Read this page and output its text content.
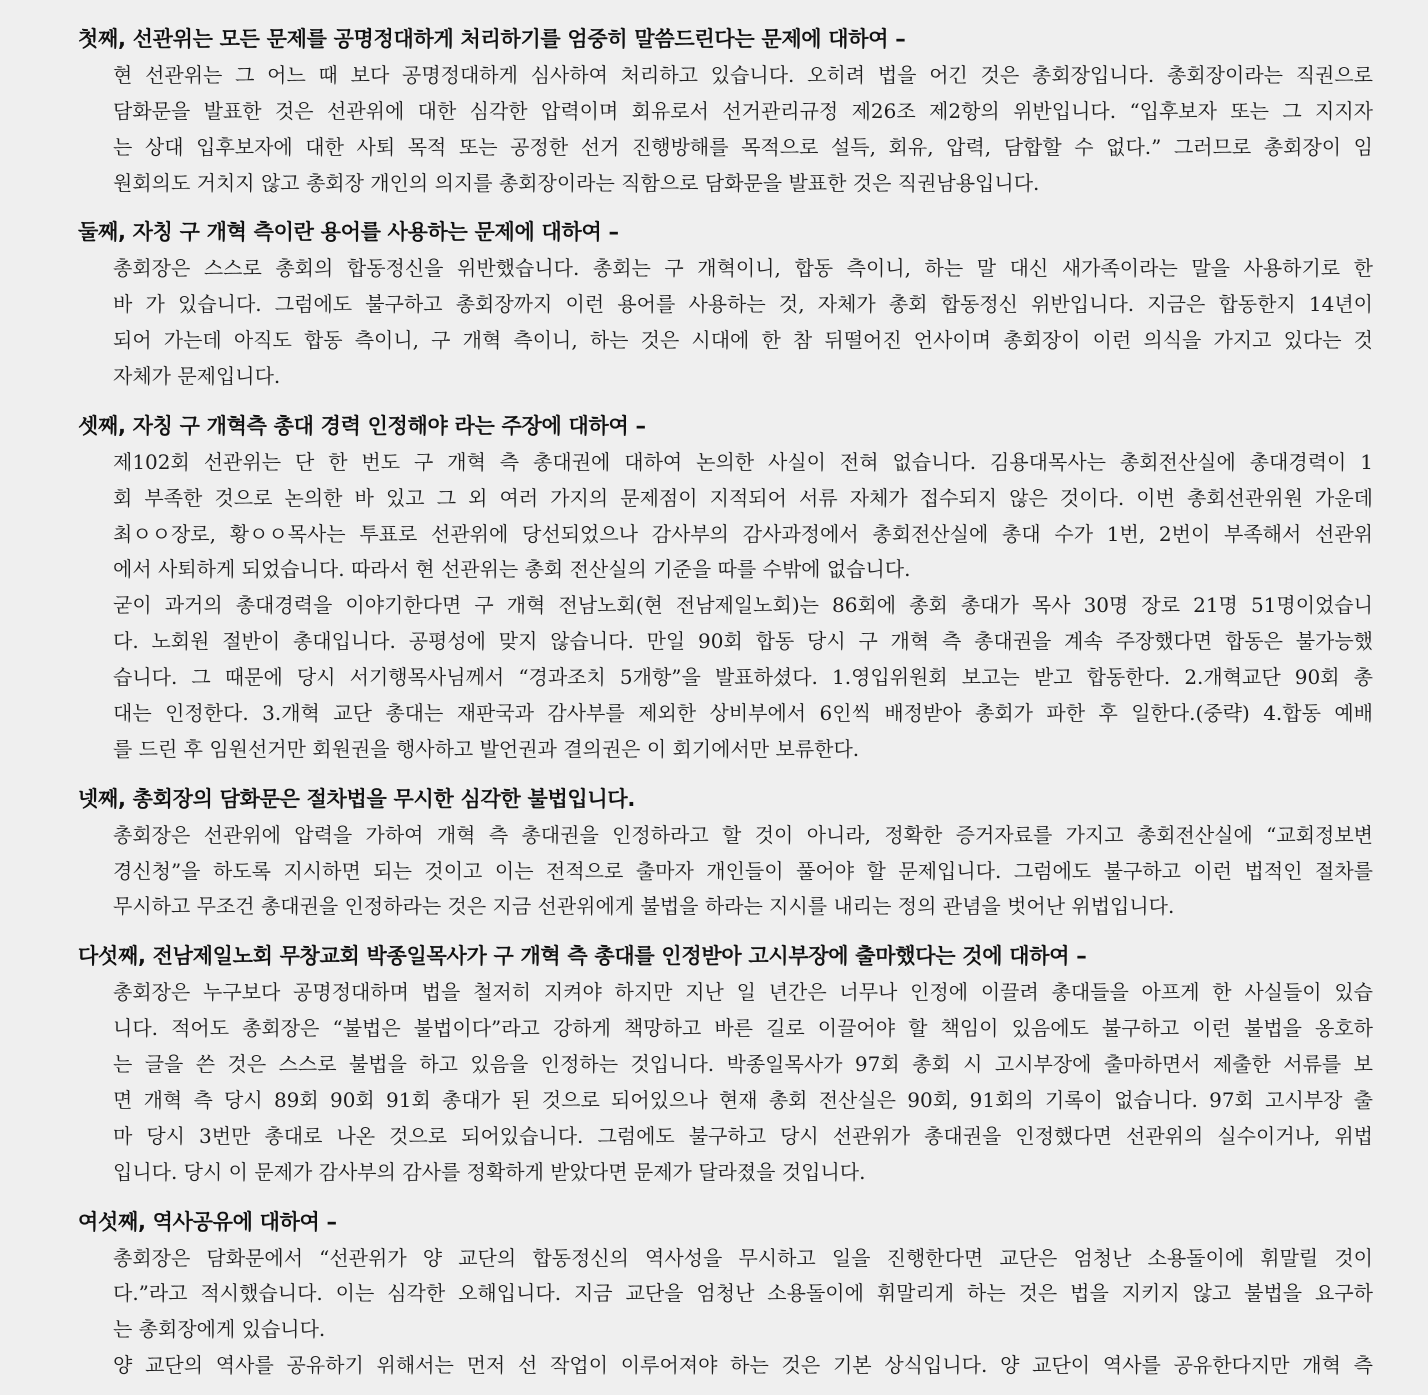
첫째, 선관위는 모든 문제를 공명정대하게 처리하기를 엄중히 말씀드린다는 문제에 대하여 –
현 선관위는 그 어느 때 보다 공명정대하게 심사하여 처리하고 있습니다. 오히려 법을 어긴 것은 총회장입니다. 총회장이라는 직권으로
담화문을 발표한 것은 선관위에 대한 심각한 압력이며 회유로서 선거관리규정 제26조 제2항의 위반입니다. “입후보자 또는 그 지지자
는 상대 입후보자에 대한 사퇴 목적 또는 공정한 선거 진행방해를 목적으로 설득, 회유, 압력, 담합할 수 없다.” 그러므로 총회장이 임
원회의도 거치지 않고 총회장 개인의 의지를 총회장이라는 직함으로 담화문을 발표한 것은 직권남용입니다.
둘째, 자칭 구 개혁 측이란 용어를 사용하는 문제에 대하여 –
총회장은 스스로 총회의 합동정신을 위반했습니다. 총회는 구 개혁이니, 합동 측이니, 하는 말 대신 새가족이라는 말을 사용하기로 한
바 가 있습니다. 그럼에도 불구하고 총회장까지 이런 용어를 사용하는 것, 자체가 총회 합동정신 위반입니다. 지금은 합동한지 14년이
되어 가는데 아직도 합동 측이니, 구 개혁 측이니, 하는 것은 시대에 한 참 뒤떨어진 언사이며 총회장이 이런 의식을 가지고 있다는 것
자체가 문제입니다.
셋째, 자칭 구 개혁측 총대 경력 인정해야 라는 주장에 대하여 –
제102회 선관위는 단 한 번도 구 개혁 측 총대권에 대하여 논의한 사실이 전혀 없습니다. 김용대목사는 총회전산실에 총대경력이 1
회 부족한 것으로 논의한 바 있고 그 외 여러 가지의 문제점이 지적되어 서류 자체가 접수되지 않은 것이다. 이번 총회선관위원 가운데
최ㅇㅇ장로, 황ㅇㅇ목사는 투표로 선관위에 당선되었으나 감사부의 감사과정에서 총회전산실에 총대 수가 1번, 2번이 부족해서 선관위
에서 사퇴하게 되었습니다. 따라서 현 선관위는 총회 전산실의 기준을 따를 수밖에 없습니다.
굳이 과거의 총대경력을 이야기한다면 구 개혁 전남노회(현 전남제일노회)는 86회에 총회 총대가 목사 30명 장로 21명 51명이었습니
다. 노회원 절반이 총대입니다. 공평성에 맞지 않습니다. 만일 90회 합동 당시 구 개혁 측 총대권을 계속 주장했다면 합동은 불가능했
습니다. 그 때문에 당시 서기행목사님께서 “경과조치 5개항”을 발표하셨다. 1.영입위원회 보고는 받고 합동한다. 2.개혁교단 90회 총
대는 인정한다. 3.개혁 교단 총대는 재판국과 감사부를 제외한 상비부에서 6인씩 배정받아 총회가 파한 후 일한다.(중략) 4.합동 예배
를 드린 후 임원선거만 회원권을 행사하고 발언권과 결의권은 이 회기에서만 보류한다.
넷째, 총회장의 담화문은 절차법을 무시한 심각한 불법입니다.
총회장은 선관위에 압력을 가하여 개혁 측 총대권을 인정하라고 할 것이 아니라, 정확한 증거자료를 가지고 총회전산실에 “교회정보변
경신청”을 하도록 지시하면 되는 것이고 이는 전적으로 출마자 개인들이 풀어야 할 문제입니다. 그럼에도 불구하고 이런 법적인 절차를
무시하고 무조건 총대권을 인정하라는 것은 지금 선관위에게 불법을 하라는 지시를 내리는 정의 관념을 벗어난 위법입니다.
다섯째, 전남제일노회 무창교회 박종일목사가 구 개혁 측 총대를 인정받아 고시부장에 출마했다는 것에 대하여 –
총회장은 누구보다 공명정대하며 법을 철저히 지켜야 하지만 지난 일 년간은 너무나 인정에 이끌려 총대들을 아프게 한 사실들이 있습
니다. 적어도 총회장은 “불법은 불법이다”라고 강하게 책망하고 바른 길로 이끌어야 할 책임이 있음에도 불구하고 이런 불법을 옹호하
는 글을 쓴 것은 스스로 불법을 하고 있음을 인정하는 것입니다. 박종일목사가 97회 총회 시 고시부장에 출마하면서 제출한 서류를 보
면 개혁 측 당시 89회 90회 91회 총대가 된 것으로 되어있으나 현재 총회 전산실은 90회, 91회의 기록이 없습니다. 97회 고시부장 출
마 당시 3번만 총대로 나온 것으로 되어있습니다. 그럼에도 불구하고 당시 선관위가 총대권을 인정했다면 선관위의 실수이거나, 위법
입니다. 당시 이 문제가 감사부의 감사를 정확하게 받았다면 문제가 달라졌을 것입니다.
여섯째, 역사공유에 대하여 –
총회장은 담화문에서 “선관위가 양 교단의 합동정신의 역사성을 무시하고 일을 진행한다면 교단은 엄청난 소용돌이에 휘말릴 것이
다.”라고 적시했습니다. 이는 심각한 오해입니다. 지금 교단을 엄청난 소용돌이에 휘말리게 하는 것은 법을 지키지 않고 불법을 요구하
는 총회장에게 있습니다.
양 교단의 역사를 공유하기 위해서는 먼저 선 작업이 이루어져야 하는 것은 기본 상식입니다. 양 교단이 역사를 공유한다지만 개혁 측
